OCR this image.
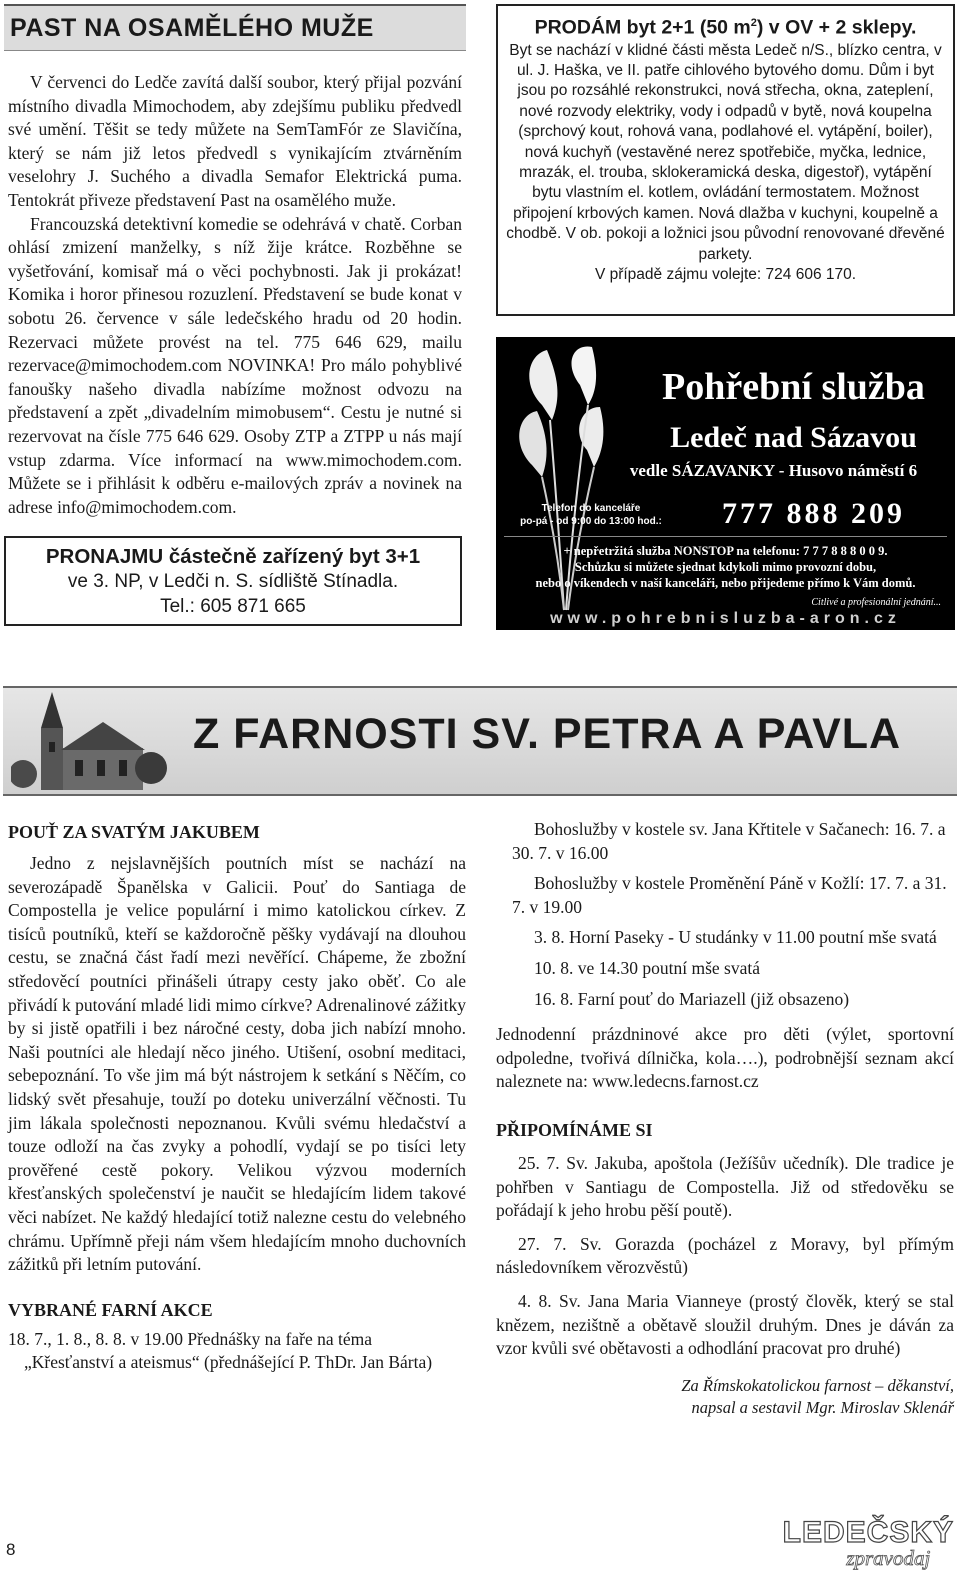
PAST NA OSAMĚLÉHO MUŽE

V červenci do Ledče zavítá další soubor, který přijal pozvání místního divadla Mimochodem, aby zdejšímu publiku předvedl své umění. Těšit se tedy můžete na SemTamFór ze Slavičína, který se nám již letos předvedl s vynikajícím ztvárněním veselohry J. Suchého a divadla Semafor Elektrická puma. Tentokrát přiveze představení Past na osamělého muže.

Francouzská detektivní komedie se odehrává v chatě. Corban ohlásí zmizení manželky, s níž žije krátce. Rozběhne se vyšetřování, komisař má o věci pochybnosti. Jak ji prokázat! Komika i horor přinesou rozuzlení. Představení se bude konat v sobotu 26. července v sále ledečského hradu od 20 hodin. Rezervaci můžete provést na tel. 775 646 629, mailu rezervace@mimochodem.com NOVINKA! Pro málo pohyblivé fanoušky našeho divadla nabízíme možnost odvozu na představení a zpět „divadelním mimobusem“. Cestu je nutné si rezervovat na čísle 775 646 629. Osoby ZTP a ZTPP u nás mají vstup zdarma. Více informací na www.mimochodem.com. Můžete se i přihlásit k odběru e-mailových zpráv a novinek na adrese info@mimochodem.com.

PRONAJMU částečně zařízený byt 3+1
ve 3. NP, v Ledči n. S. sídliště Stínadla.
Tel.: 605 871 665
PRODÁM byt 2+1 (50 $m^2$) v OV + 2 sklepy.
Byt se nachází v klidné části města Ledeč n/S., blízko centra, v ul. J. Haška, ve II. patře cihlového bytového domu. Dům i byt jsou po rozsáhlé rekonstrukci, nová střecha, okna, zateplení, nové rozvody elektriky, vody i odpadů v bytě, nová koupelna (sprchový kout, rohová vana, podlahové el. vytápění, boiler), nová kuchyň (vestavěné nerez spotřebiče, myčka, lednice, mrazák, el. trouba, sklokeramická deska, digestoř), vytápění bytu vlastním el. kotlem, ovládání termostatem. Možnost připojení krbových kamen. Nová dlažba v kuchyni, koupelně a chodbě. V ob. pokoji a ložnici jsou původní renovované dřevěné parkety.
V případě zájmu volejte: 724 606 170.
Pohřební služba
Ledeč nad Sázavou
vedle SÁZAVANKY - Husovo náměstí 6
Telefon do kanceláře
po-pá - od 9:00 do 13:00 hod.:	777 888 209
+ nepřetržitá služba NONSTOP na telefonu: 7 7 7 8 8 8 0 0 9.
Schůzku si můžete sjednat kdykoli mimo provozní dobu,
nebo o víkendech v naší kanceláři, nebo přijedeme přímo k Vám domů.
Citlivé a profesionální jednání...
www.pohrebnisluzba-aron.cz
Z FARNOSTI SV. PETRA A PAVLA
POUŤ ZA SVATÝM JAKUBEM

Jedno z nejslavnějších poutních míst se nachází na severozápadě Španělska v Galicii. Pouť do Santiaga de Compostella je velice populární i mimo katolickou církev. Z tisíců poutníků, kteří se každoročně pěšky vydávají na dlouhou cestu, se značná část řadí mezi nevěřící. Chápeme, že zbožní středověcí poutníci přinášeli útrapy cesty jako oběť. Co ale přivádí k putování mladé lidi mimo církve? Adrenalinové zážitky by si jistě opatřili i bez náročné cesty, doba jich nabízí mnoho. Naši poutníci ale hledají něco jiného. Utišení, osobní meditaci, sebepoznání. To vše jim má být nástrojem k setkání s Něčím, co lidský svět přesahuje, touží po doteku univerzální věčnosti. Tu jim lákala společnosti nepoznanou. Kvůli svému hledačství a touze odloží na čas zvyky a pohodlí, vydají se po tisíci lety prověřené cestě pokory. Velikou výzvou moderních křesťanských společenství je naučit se hledajícím lidem takové věci nabízet. Ne každý hledající totiž nalezne cestu do velebného chrámu. Upřímně přeji nám všem hledajícím mnoho duchovních zážitků při letním putování.

VYBRANÉ FARNÍ AKCE

18. 7., 1. 8., 8. 8. v 19.00 Přednášky na faře na téma „Křesťanství a ateismus“ (přednášející P. ThDr. Jan Bárta)

Bohoslužby v kostele sv. Jana Křtitele v Sačanech: 16. 7. a 30. 7. v 16.00

Bohoslužby v kostele Proměnění Páně v Kožlí: 17. 7. a 31. 7. v 19.00

3. 8. Horní Paseky - U studánky v 11.00 poutní mše svatá

10. 8. ve 14.30 poutní mše svatá

16. 8. Farní pouť do Mariazell (již obsazeno)

Jednodenní prázdninové akce pro děti (výlet, sportovní odpoledne, tvořivá dílnička, kola….), podrobnější seznam akcí naleznete na: www.ledecns.farnost.cz

PŘIPOMÍNÁME SI

25. 7. Sv. Jakuba, apoštola (Ježíšův učedník). Dle tradice je pohřben v Santiagu de Compostella. Již od středověku se pořádají k jeho hrobu pěší poutě).

27. 7. Sv. Gorazda (pocházel z Moravy, byl přímým následovníkem věrozvěstů)

4. 8. Sv. Jana Maria Vianneye (prostý člověk, který se stal knězem, nezištně a obětavě sloužil druhým. Dnes je dáván za vzor kvůli své obětavosti a odhodlání pracovat pro druhé)

Za Římskokatolickou farnost – děkanství,
napsal a sestavil Mgr. Miroslav Sklenář
8
LEDEČSKÝ
zpravodaj
